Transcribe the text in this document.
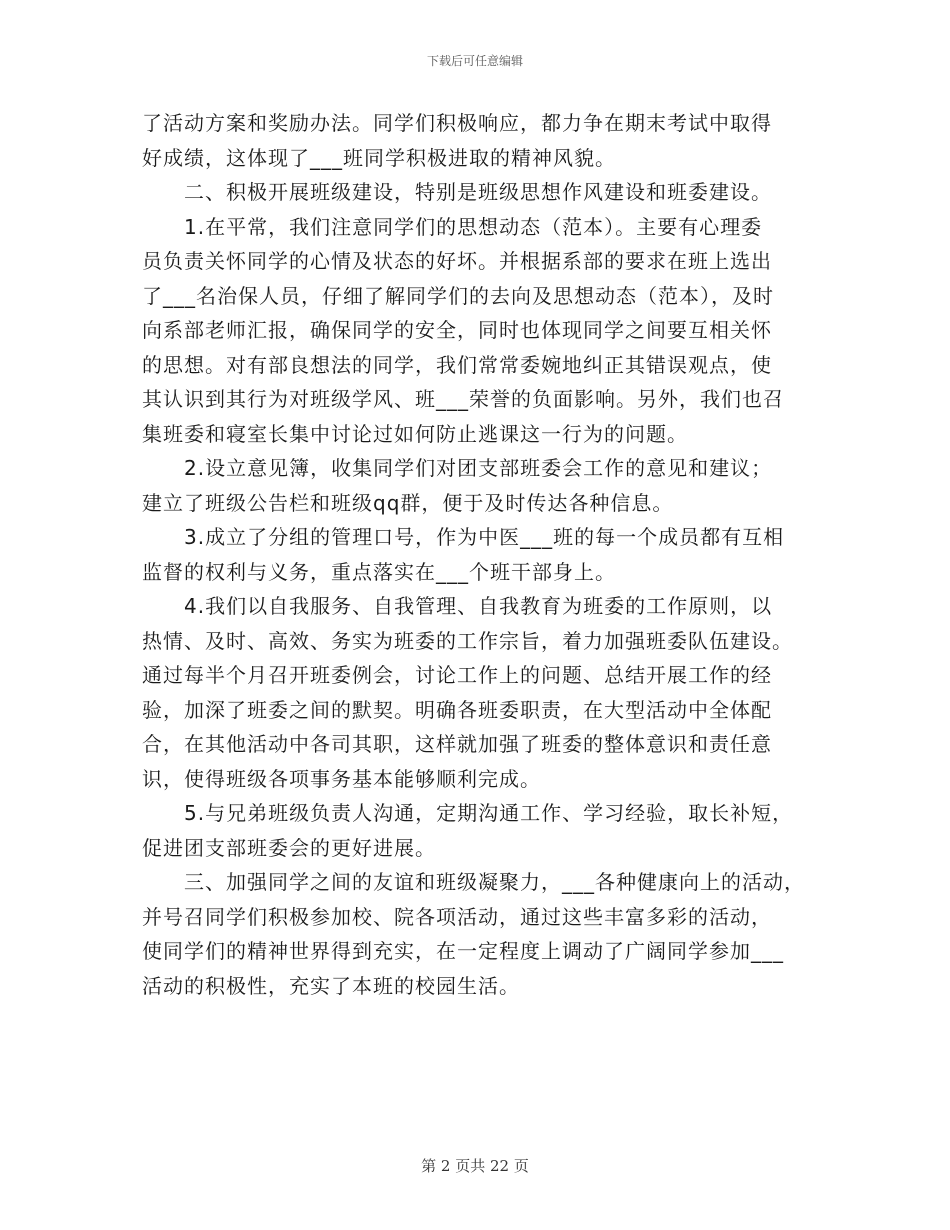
下载后可任意编辑

了活动方案和奖励办法。同学们积极响应，都力争在期末考试中取得

好成绩，这体现了___班同学积极进取的精神风貌。

二、积极开展班级建设，特别是班级思想作风建设和班委建设。

1.在平常，我们注意同学们的思想动态（范本）。主要有心理委

员负责关怀同学的心情及状态的好坏。并根据系部的要求在班上选出

了___名治保人员，仔细了解同学们的去向及思想动态（范本），及时

向系部老师汇报，确保同学的安全，同时也体现同学之间要互相关怀

的思想。对有部良想法的同学，我们常常委婉地纠正其错误观点，使

其认识到其行为对班级学风、班___荣誉的负面影响。另外，我们也召

集班委和寝室长集中讨论过如何防止逃课这一行为的问题。

2.设立意见簿，收集同学们对团支部班委会工作的意见和建议；

建立了班级公告栏和班级qq群，便于及时传达各种信息。

3.成立了分组的管理口号，作为中医___班的每一个成员都有互相

监督的权利与义务，重点落实在___个班干部身上。

4.我们以自我服务、自我管理、自我教育为班委的工作原则，以

热情、及时、高效、务实为班委的工作宗旨，着力加强班委队伍建设。

通过每半个月召开班委例会，讨论工作上的问题、总结开展工作的经

验，加深了班委之间的默契。明确各班委职责，在大型活动中全体配

合，在其他活动中各司其职，这样就加强了班委的整体意识和责任意

识，使得班级各项事务基本能够顺利完成。

5.与兄弟班级负责人沟通，定期沟通工作、学习经验，取长补短，

促进团支部班委会的更好进展。

三、加强同学之间的友谊和班级凝聚力，___各种健康向上的活动，

并号召同学们积极参加校、院各项活动，通过这些丰富多彩的活动，

使同学们的精神世界得到充实，在一定程度上调动了广阔同学参加___

活动的积极性，充实了本班的校园生活。

第 2 页共 22 页
